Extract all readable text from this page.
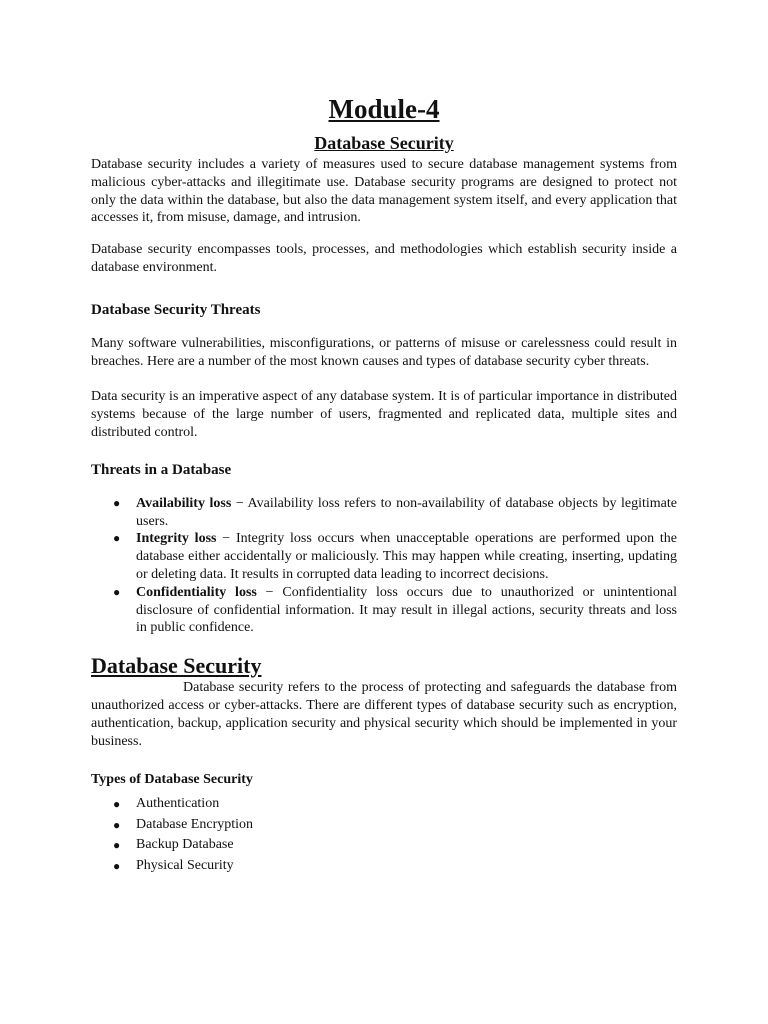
Module-4
Database Security

Database security includes a variety of measures used to secure database management systems from malicious cyber-attacks and illegitimate use. Database security programs are designed to protect not only the data within the database, but also the data management system itself, and every application that accesses it, from misuse, damage, and intrusion.

Database security encompasses tools, processes, and methodologies which establish security inside a database environment.

Database Security Threats

Many software vulnerabilities, misconfigurations, or patterns of misuse or carelessness could result in breaches. Here are a number of the most known causes and types of database security cyber threats.

Data security is an imperative aspect of any database system. It is of particular importance in distributed systems because of the large number of users, fragmented and replicated data, multiple sites and distributed control.

Threats in a Database
● Availability loss − Availability loss refers to non-availability of database objects by legitimate users.
● Integrity loss − Integrity loss occurs when unacceptable operations are performed upon the database either accidentally or maliciously. This may happen while creating, inserting, updating or deleting data. It results in corrupted data leading to incorrect decisions.
● Confidentiality loss − Confidentiality loss occurs due to unauthorized or unintentional disclosure of confidential information. It may result in illegal actions, security threats and loss in public confidence.
Database Security

Database security refers to the process of protecting and safeguards the database from unauthorized access or cyber-attacks. There are different types of database security such as encryption, authentication, backup, application security and physical security which should be implemented in your business.

Types of Database Security
● Authentication
● Database Encryption
● Backup Database
● Physical Security
